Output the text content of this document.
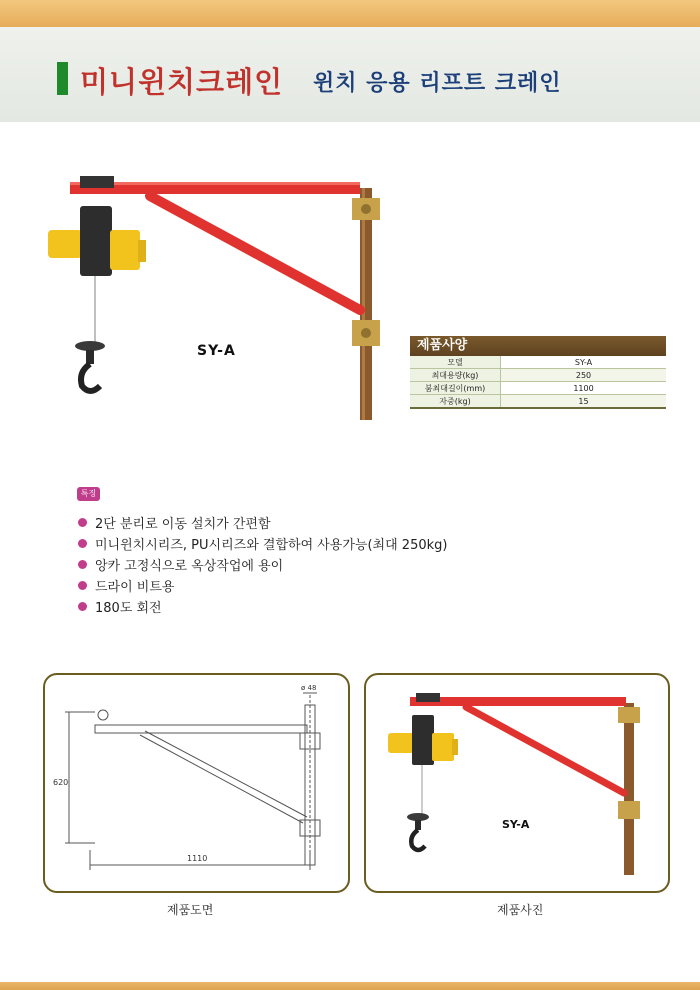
미니윈치크레인 윈치 응용 리프트 크레인
SY-A	제품사양
모델	SY-A
최대용량(kg)	250
붐최대길이(mm)	1100
자중(kg)	15
특징
2단 분리로 이동 설치가 간편함
미니윈치시리즈, PU시리즈와 결합하여 사용가능(최대 250kg)
앙카 고정식으로 옥상작업에 용이
드라이 비트용
180도 회전
ø 48
620
1110
SY-A
제품도면	제품사진
